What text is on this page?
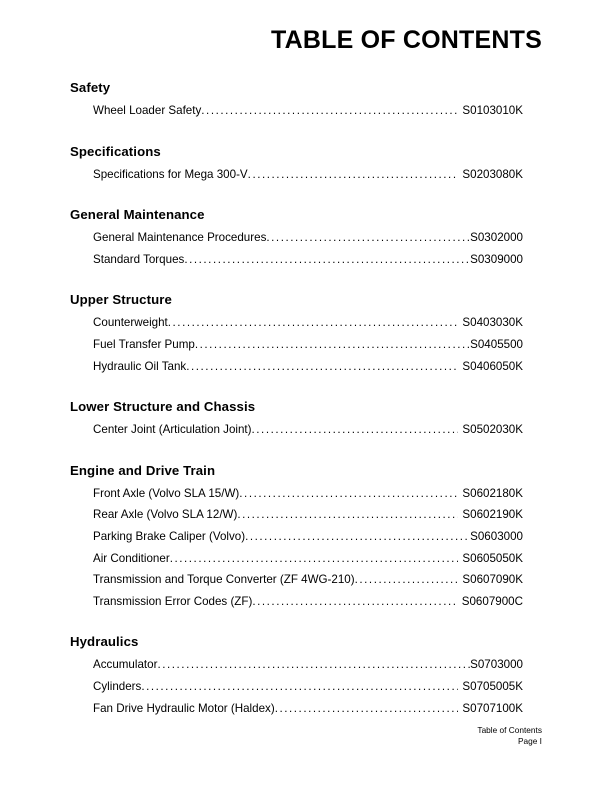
TABLE OF CONTENTS
Safety
Wheel Loader Safety .....	S0103010K
Specifications
Specifications for Mega 300-V .....	S0203080K
General Maintenance
General Maintenance Procedures .....	S0302000
Standard Torques .....	S0309000
Upper Structure
Counterweight .....	S0403030K
Fuel Transfer Pump .....	S0405500
Hydraulic Oil Tank .....	S0406050K
Lower Structure and Chassis
Center Joint (Articulation Joint) .....	S0502030K
Engine and Drive Train
Front Axle (Volvo SLA 15/W) .....	S0602180K
Rear Axle (Volvo SLA 12/W) .....	S0602190K
Parking Brake Caliper (Volvo) .....	S0603000
Air Conditioner .....	S0605050K
Transmission and Torque Converter (ZF 4WG-210) .....	S0607090K
Transmission Error Codes (ZF) .....	S0607900C
Hydraulics
Accumulator .....	S0703000
Cylinders .....	S0705005K
Fan Drive Hydraulic Motor (Haldex) .....	S0707100K
Table of Contents
Page I
